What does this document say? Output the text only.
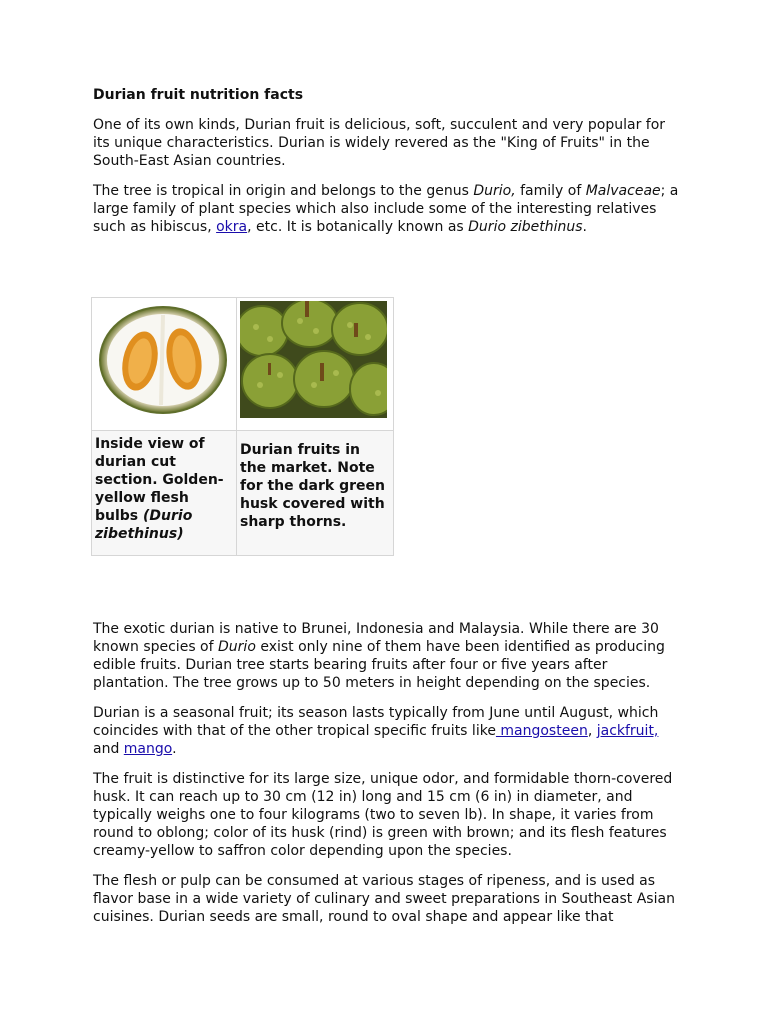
Durian fruit nutrition facts

One of its own kinds, Durian fruit is delicious, soft, succulent and very popular for its unique characteristics. Durian is widely revered as the "King of Fruits" in the South-East Asian countries.

The tree is tropical in origin and belongs to the genus Durio, family of Malvaceae; a large family of plant species which also include some of the interesting relatives such as hibiscus, okra, etc. It is botanically known as Durio zibethinus.

The exotic durian is native to Brunei, Indonesia and Malaysia. While there are 30 known species of Durio exist only nine of them have been identified as producing edible fruits. Durian tree starts bearing fruits after four or five years after plantation. The tree grows up to 50 meters in height depending on the species.

Durian is a seasonal fruit; its season lasts typically from June until August, which coincides with that of the other tropical specific fruits like mangosteen, jackfruit, and mango.

The fruit is distinctive for its large size, unique odor, and formidable thorn-covered husk. It can reach up to 30 cm (12 in) long and 15 cm (6 in) in diameter, and typically weighs one to four kilograms (two to seven lb). In shape, it varies from round to oblong; color of its husk (rind) is green with brown; and its flesh features creamy-yellow to saffron color depending upon the species.

The flesh or pulp can be consumed at various stages of ripeness, and is used as flavor base in a wide variety of culinary and sweet preparations in Southeast Asian cuisines. Durian seeds are small, round to oval shape and appear like that

Inside view of durian cut section. Golden-yellow flesh bulbs (Durio zibethinus)
Durian fruits in the market. Note for the dark green husk covered with sharp thorns.
